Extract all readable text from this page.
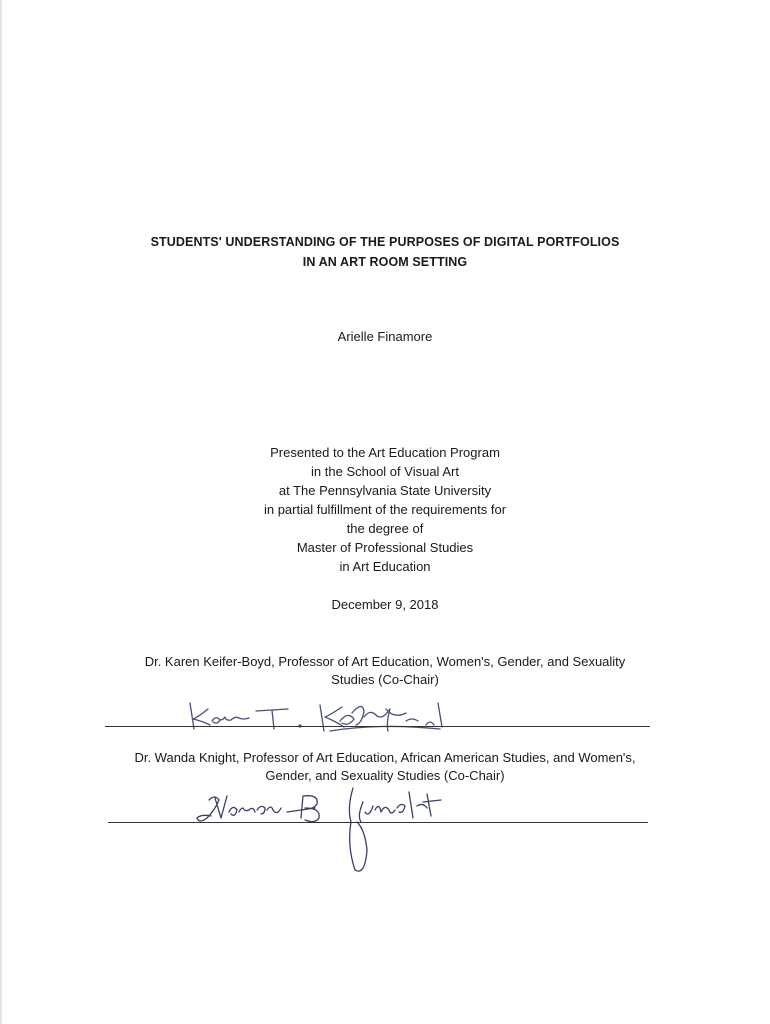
STUDENTS' UNDERSTANDING OF THE PURPOSES OF DIGITAL PORTFOLIOS
IN AN ART ROOM SETTING
Arielle Finamore
Presented to the Art Education Program
in the School of Visual Art
at The Pennsylvania State University
in partial fulfillment of the requirements for
the degree of
Master of Professional Studies
in Art Education
December 9, 2018
Dr. Karen Keifer-Boyd, Professor of Art Education, Women's, Gender, and Sexuality
Studies (Co-Chair)
Dr. Wanda Knight, Professor of Art Education, African American Studies, and Women's,
Gender, and Sexuality Studies (Co-Chair)
